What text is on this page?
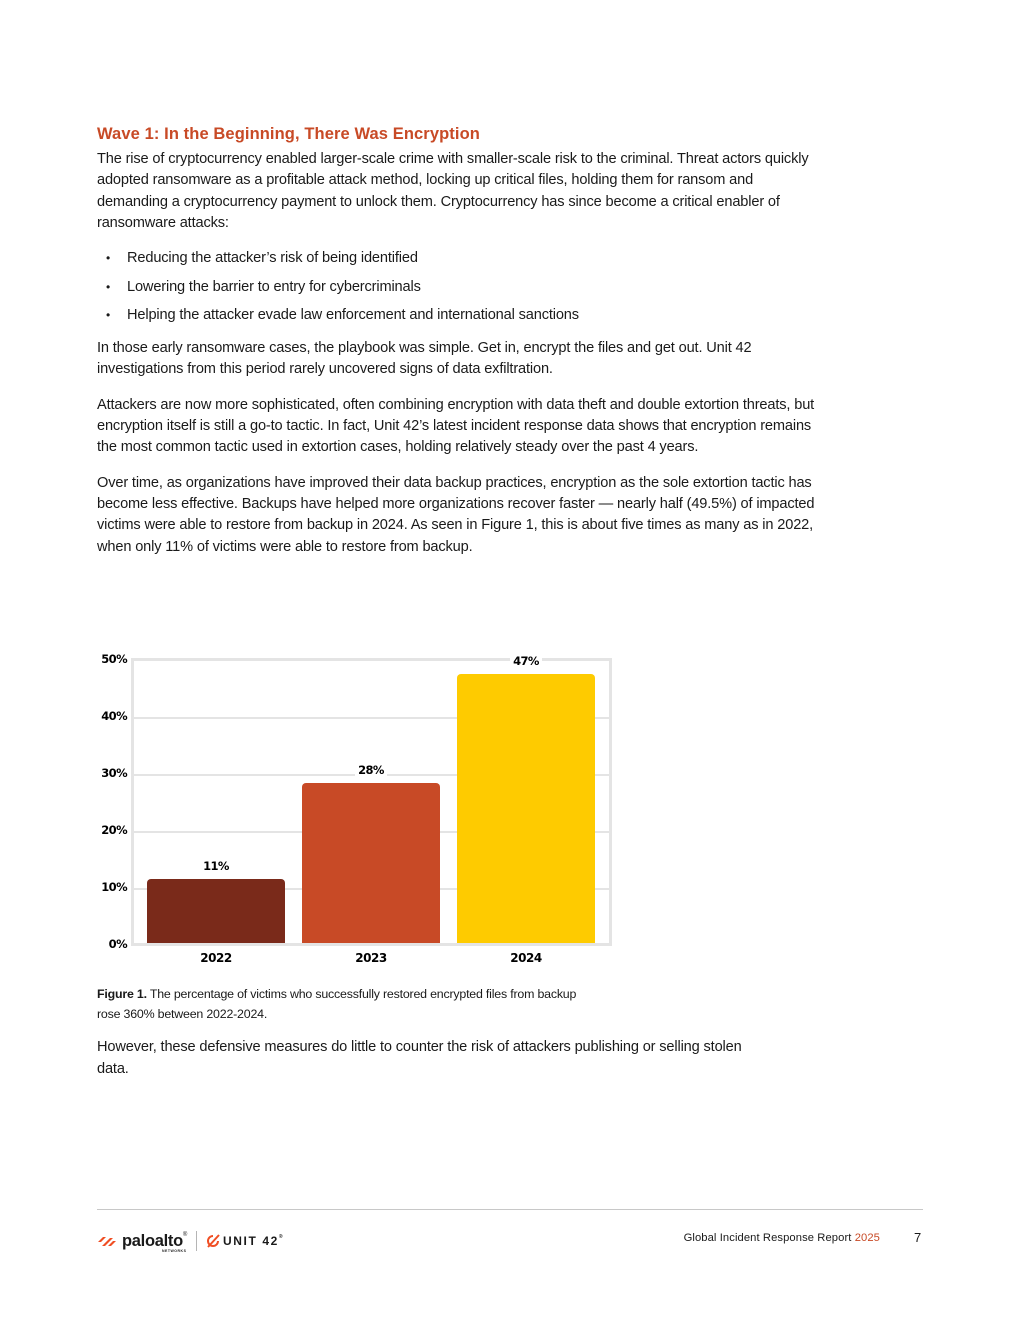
Wave 1: In the Beginning, There Was Encryption

The rise of cryptocurrency enabled larger-scale crime with smaller-scale risk to the criminal. Threat actors quickly adopted ransomware as a profitable attack method, locking up critical files, holding them for ransom and demanding a cryptocurrency payment to unlock them. Cryptocurrency has since become a critical enabler of ransomware attacks:

• Reducing the attacker’s risk of being identified
• Lowering the barrier to entry for cybercriminals
• Helping the attacker evade law enforcement and international sanctions

In those early ransomware cases, the playbook was simple. Get in, encrypt the files and get out. Unit 42 investigations from this period rarely uncovered signs of data exfiltration.

Attackers are now more sophisticated, often combining encryption with data theft and double extortion threats, but encryption itself is still a go-to tactic. In fact, Unit 42’s latest incident response data shows that encryption remains the most common tactic used in extortion cases, holding relatively steady over the past 4 years.

Over time, as organizations have improved their data backup practices, encryption as the sole extortion tactic has become less effective. Backups have helped more organizations recover faster — nearly half (49.5%) of impacted victims were able to restore from backup in 2024. As seen in Figure 1, this is about five times as many as in 2022, when only 11% of victims were able to restore from backup.

50%
40%
30%
20%
10%
0%
11%
28%
47%
2022	2023	2024
Figure 1. The percentage of victims who successfully restored encrypted files from backup rose 360% between 2022-2024.

However, these defensive measures do little to counter the risk of attackers publishing or selling stolen data.

paloalto®
NETWORKS
UNIT 42®	Global Incident Response Report 2025	7
